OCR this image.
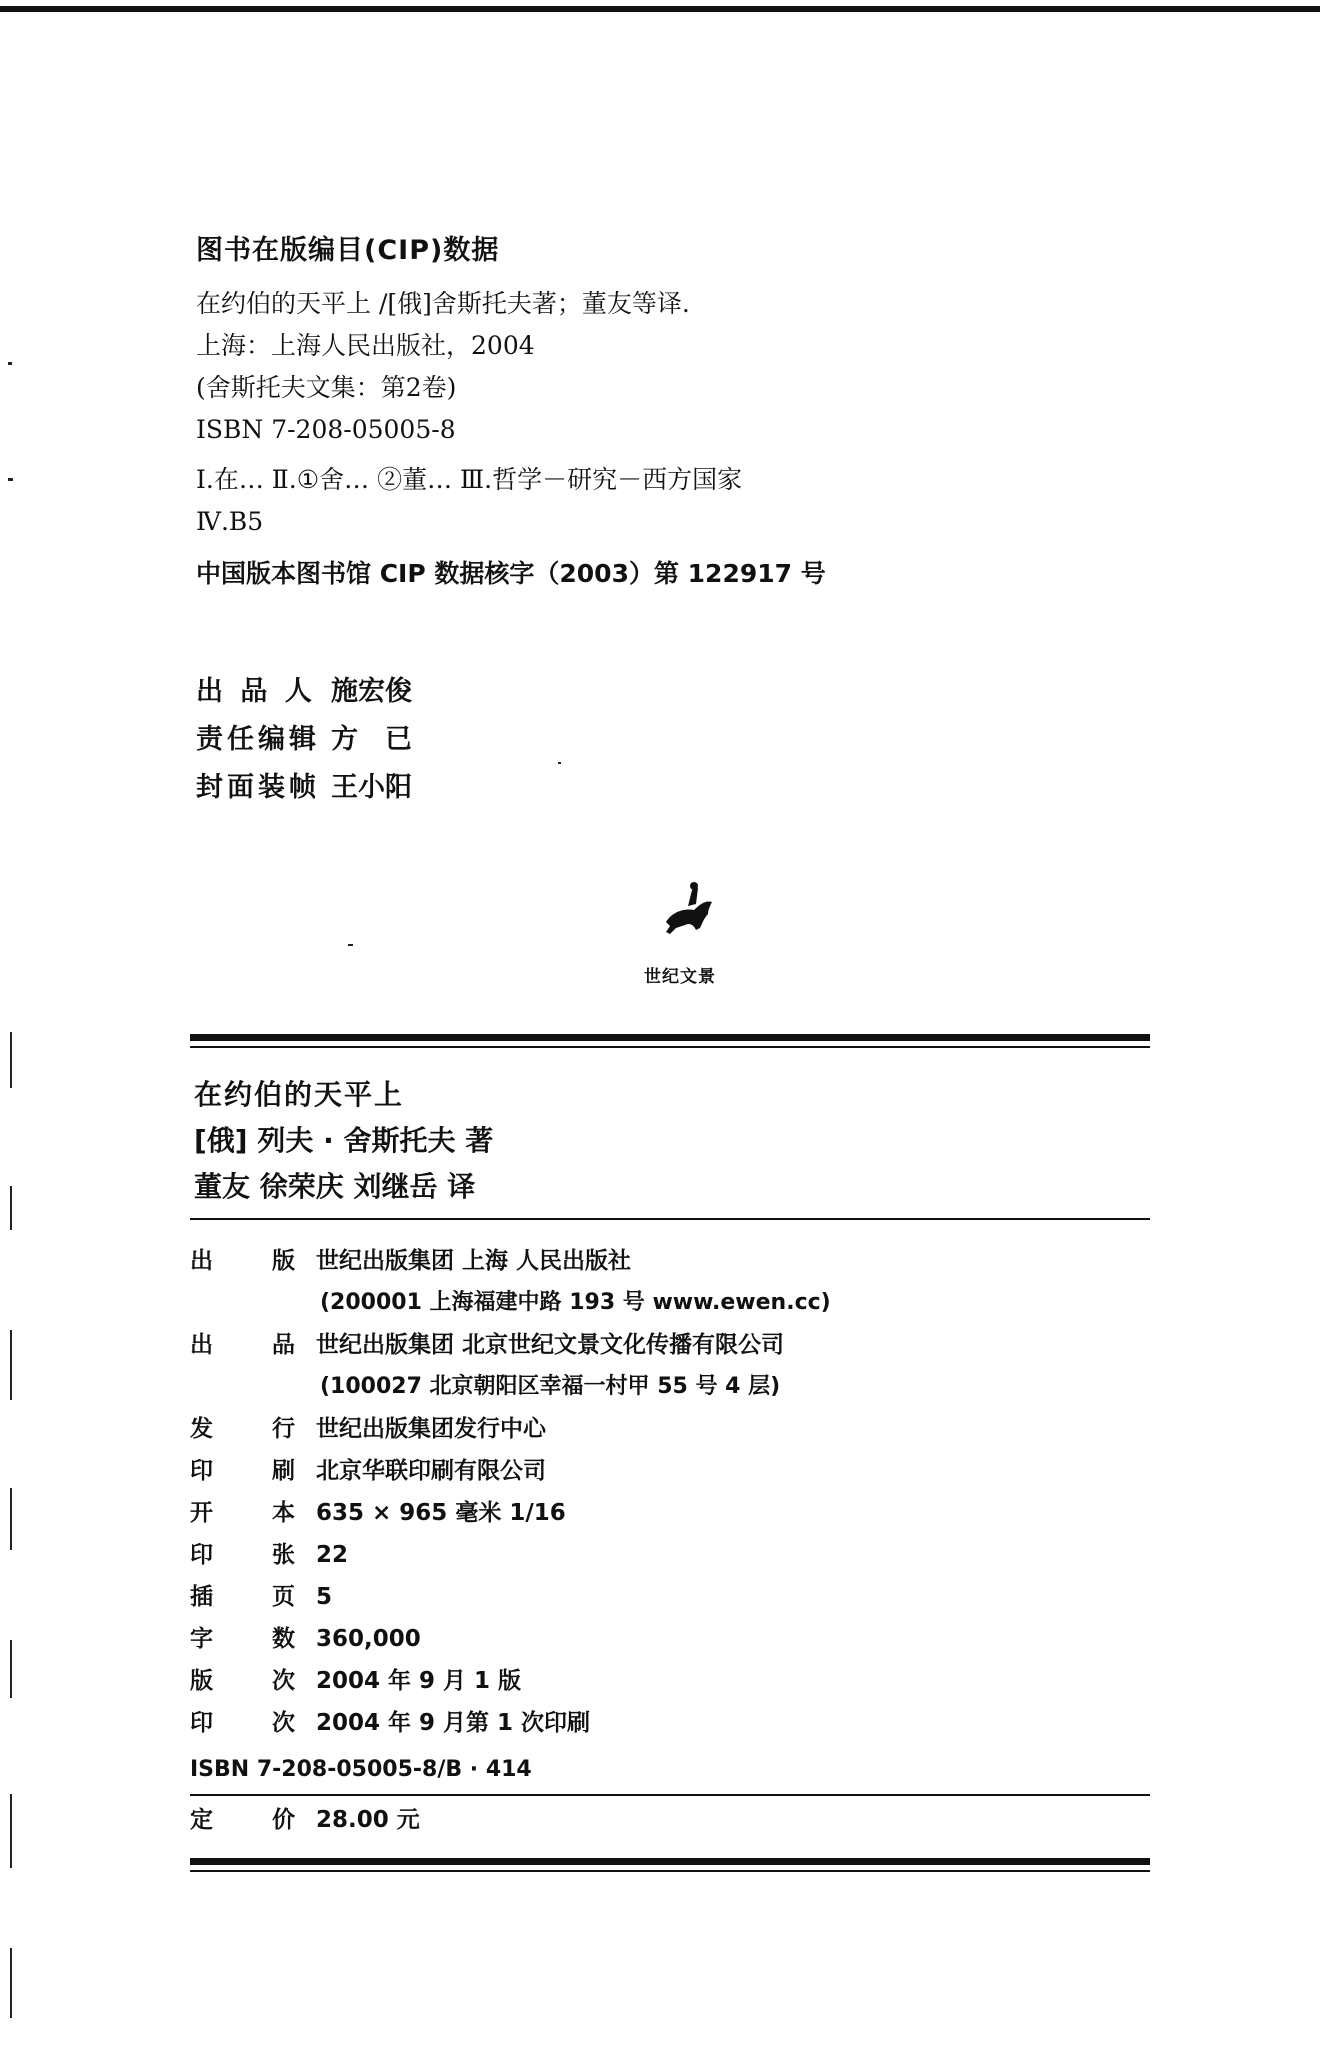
图书在版编目(CIP)数据
在约伯的天平上 /[俄]舍斯托夫著；董友等译.
上海：上海人民出版社，2004
(舍斯托夫文集：第2卷)
ISBN 7-208-05005-8
Ⅰ.在… Ⅱ.①舍… ②董… Ⅲ.哲学－研究－西方国家
Ⅳ.B5
中国版本图书馆 CIP 数据核字（2003）第 122917 号
出 品 人 施宏俊
责任编辑 方　已
封面装帧 王小阳
世纪文景
在约伯的天平上
[俄] 列夫 · 舍斯托夫 著
董友 徐荣庆 刘继岳 译
出	版 世纪出版集团 上海 人民出版社
(200001 上海福建中路 193 号 www.ewen.cc)
出	品 世纪出版集团 北京世纪文景文化传播有限公司
(100027 北京朝阳区幸福一村甲 55 号 4 层)
发	行 世纪出版集团发行中心
印	刷 北京华联印刷有限公司
开	本 635 × 965 毫米 1/16
印	张 22
插	页 5
字	数 360,000
版	次 2004 年 9 月 1 版
印	次 2004 年 9 月第 1 次印刷
ISBN 7-208-05005-8/B · 414
定	价 28.00 元
